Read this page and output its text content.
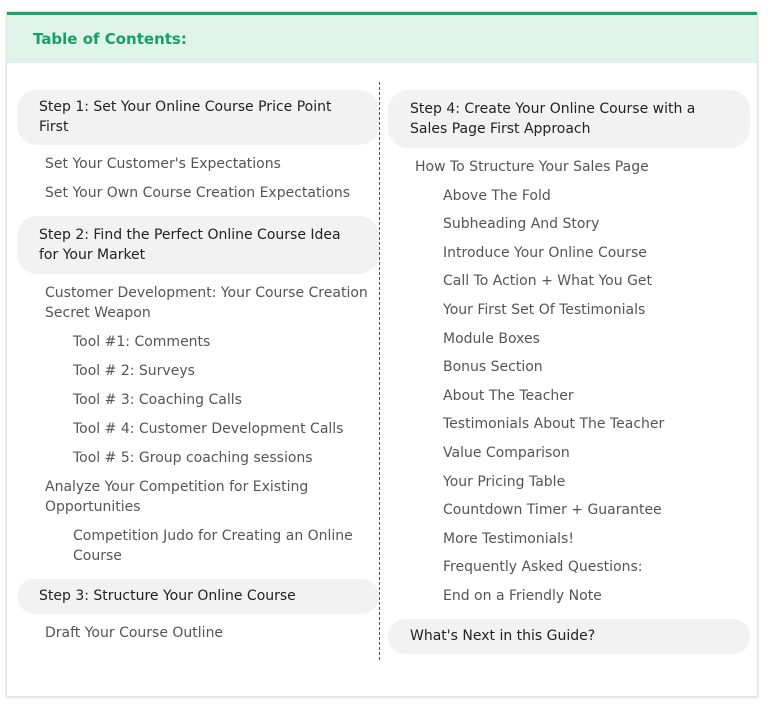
Table of Contents:
Step 1: Set Your Online Course Price Point First
Set Your Customer's Expectations
Set Your Own Course Creation Expectations
Step 2: Find the Perfect Online Course Idea for Your Market
Customer Development: Your Course Creation Secret Weapon
Tool #1: Comments
Tool # 2: Surveys
Tool # 3: Coaching Calls
Tool # 4: Customer Development Calls
Tool # 5: Group coaching sessions
Analyze Your Competition for Existing Opportunities
Competition Judo for Creating an Online Course
Step 3: Structure Your Online Course
Draft Your Course Outline
Step 4: Create Your Online Course with a Sales Page First Approach
How To Structure Your Sales Page
Above The Fold
Subheading And Story
Introduce Your Online Course
Call To Action + What You Get
Your First Set Of Testimonials
Module Boxes
Bonus Section
About The Teacher
Testimonials About The Teacher
Value Comparison
Your Pricing Table
Countdown Timer + Guarantee
More Testimonials!
Frequently Asked Questions:
End on a Friendly Note
What's Next in this Guide?
